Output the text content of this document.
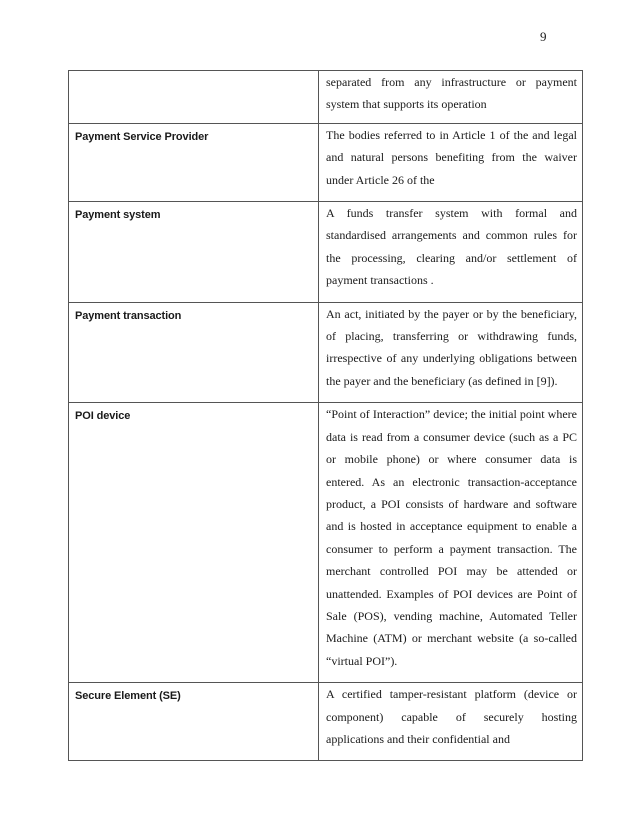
9
	separated from any infrastructure or payment system that supports its operation
Payment Service Provider	The bodies referred to in Article 1 of the and legal and natural persons benefiting from the waiver under Article 26 of the
Payment system	A funds transfer system with formal and standardised arrangements and common rules for the processing, clearing and/or settlement of payment transactions .
Payment transaction	An act, initiated by the payer or by the beneficiary, of placing, transferring or withdrawing funds, irrespective of any underlying obligations between the payer and the beneficiary (as defined in [9]).
POI device	“Point of Interaction” device; the initial point where data is read from a consumer device (such as a PC or mobile phone) or where consumer data is entered. As an electronic transaction-acceptance product, a POI consists of hardware and software and is hosted in acceptance equipment to enable a consumer to perform a payment transaction. The merchant controlled POI may be attended or unattended. Examples of POI devices are Point of Sale (POS), vending machine, Automated Teller Machine (ATM) or merchant website (a so-called “virtual POI”).
Secure Element (SE)	A certified tamper-resistant platform (device or component) capable of securely hosting applications and their confidential and
